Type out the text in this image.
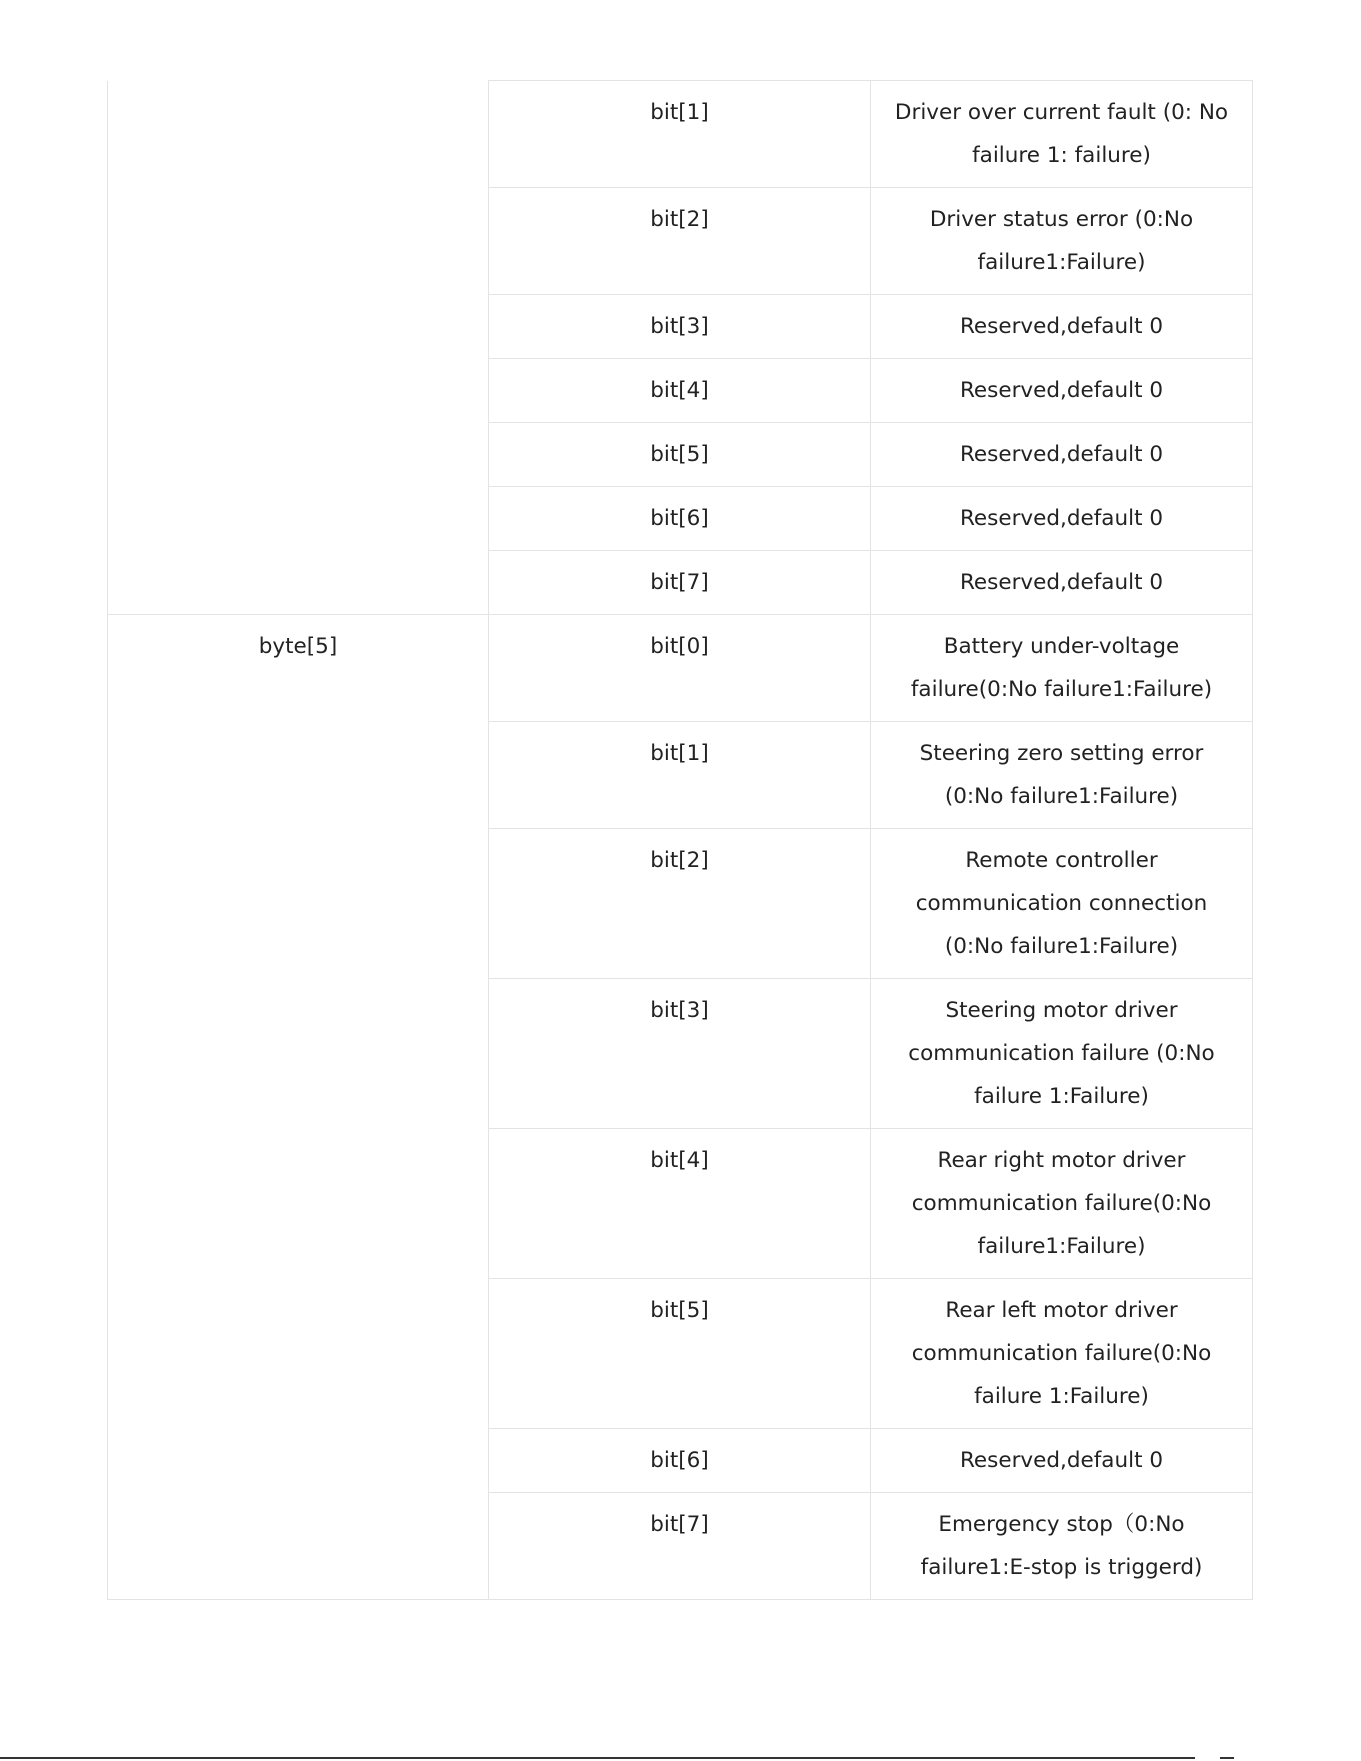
	bit[1]	Driver over current fault (0: No failure 1: failure)
	bit[2]	Driver status error (0:No failure1:Failure)
	bit[3]	Reserved,default 0
	bit[4]	Reserved,default 0
	bit[5]	Reserved,default 0
	bit[6]	Reserved,default 0
	bit[7]	Reserved,default 0
byte[5]	bit[0]	Battery under-voltage failure(0:No failure1:Failure)
	bit[1]	Steering zero setting error (0:No failure1:Failure)
	bit[2]	Remote controller communication connection (0:No failure1:Failure)
	bit[3]	Steering motor driver communication failure (0:No failure 1:Failure)
	bit[4]	Rear right motor driver communication failure(0:No failure1:Failure)
	bit[5]	Rear left motor driver communication failure(0:No failure 1:Failure)
	bit[6]	Reserved,default 0
	bit[7]	Emergency stop（0:No failure1:E-stop is triggerd)
